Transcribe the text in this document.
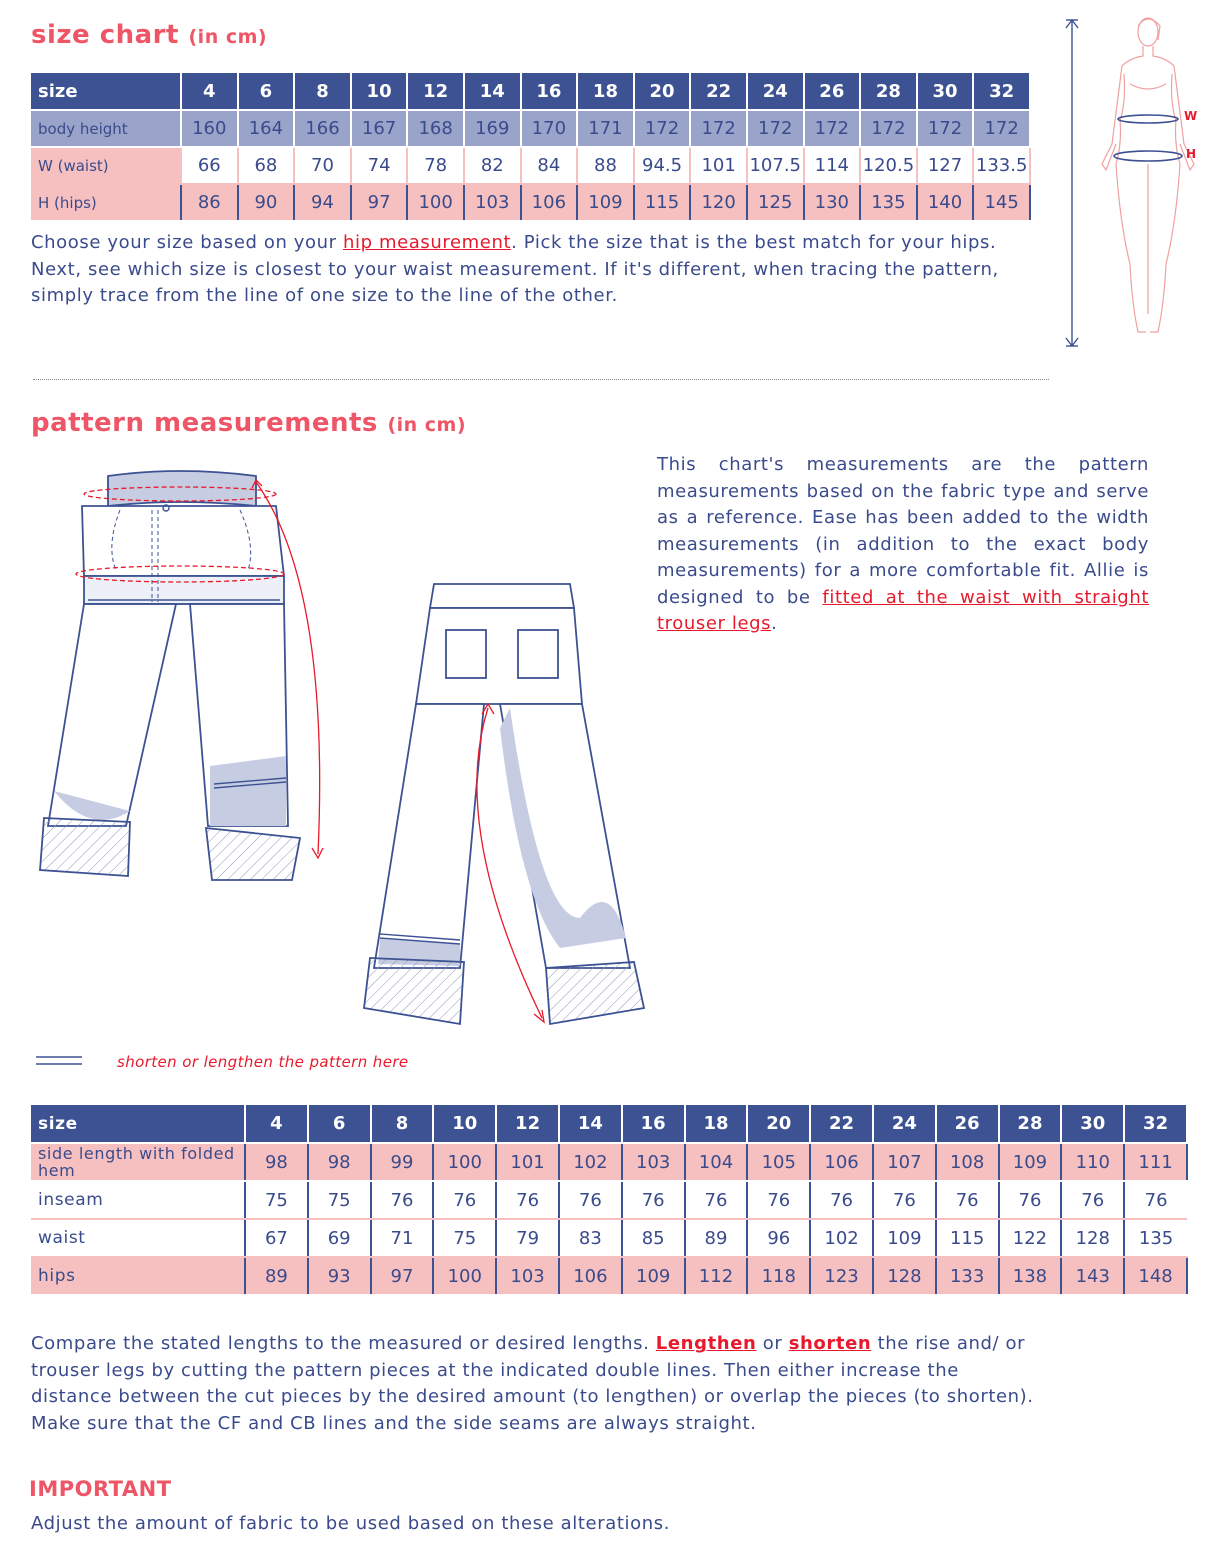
size chart (in cm)
size	4	6	8	10	12	14	16	18	20	22	24	26	28	30	32
body height	160	164	166	167	168	169	170	171	172	172	172	172	172	172	172
W (waist)	66	68	70	74	78	82	84	88	94.5	101	107.5	114	120.5	127	133.5
H (hips)	86	90	94	97	100	103	106	109	115	120	125	130	135	140	145
Choose your size based on your hip measurement. Pick the size that is the best match for your hips. Next, see which size is closest to your waist measurement. If it's different, when tracing the pattern, simply trace from the line of one size to the line of the other.
W
H
pattern measurements (in cm)
This chart's measurements are the pattern measurements based on the fabric type and serve as a reference. Ease has been added to the width measurements (in addition to the exact body measurements) for a more comfortable fit. Allie is designed to be fitted at the waist with straight trouser legs.
shorten or lengthen the pattern here
size	4	6	8	10	12	14	16	18	20	22	24	26	28	30	32
side length with folded hem	98	98	99	100	101	102	103	104	105	106	107	108	109	110	111
inseam	75	75	76	76	76	76	76	76	76	76	76	76	76	76	76
waist	67	69	71	75	79	83	85	89	96	102	109	115	122	128	135
hips	89	93	97	100	103	106	109	112	118	123	128	133	138	143	148
Compare the stated lengths to the measured or desired lengths. Lengthen or shorten the rise and/ or trouser legs by cutting the pattern pieces at the indicated double lines. Then either increase the distance between the cut pieces by the desired amount (to lengthen) or overlap the pieces (to shorten). Make sure that the CF and CB lines and the side seams are always straight.
IMPORTANT
Adjust the amount of fabric to be used based on these alterations.
